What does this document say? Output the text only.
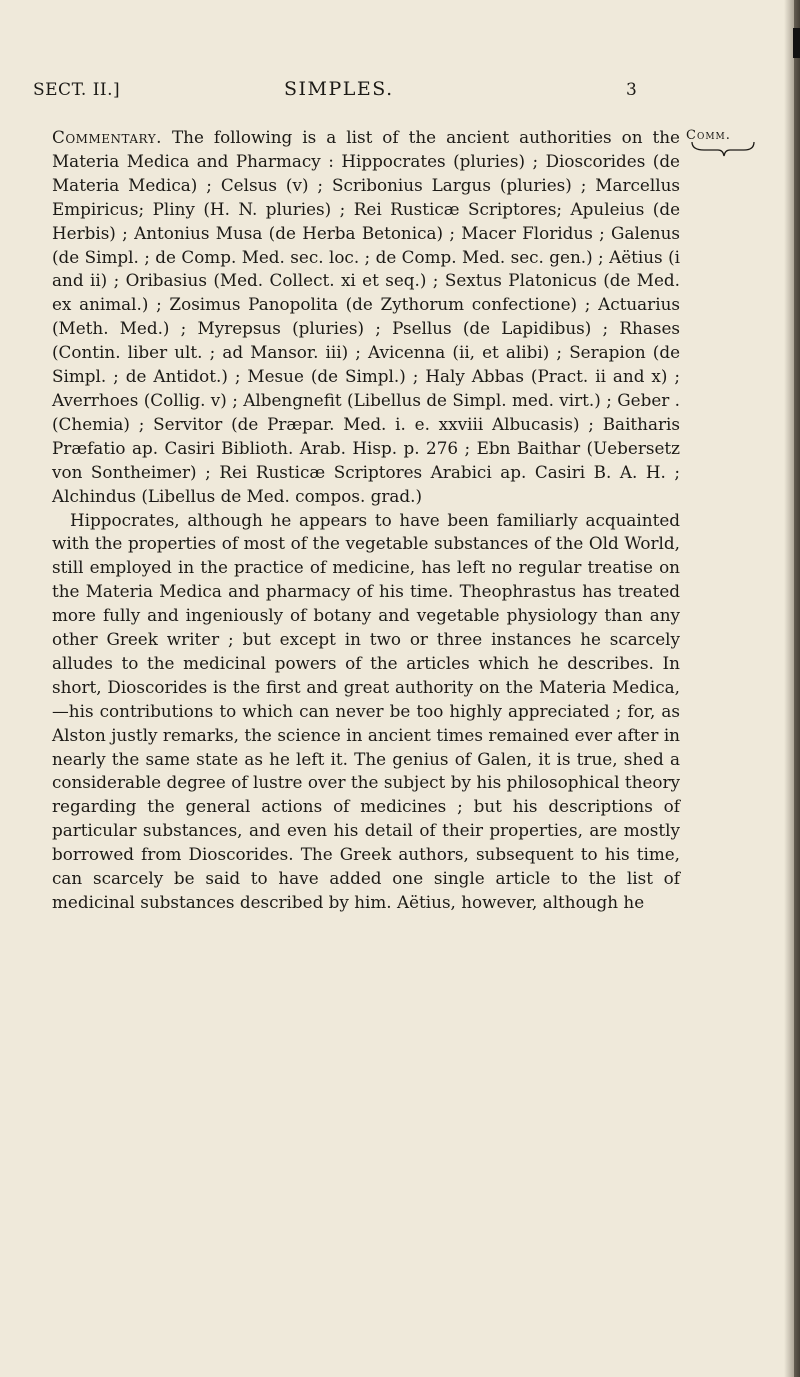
SECT. II.]	SIMPLES.	3
Comm.

Commentary. The following is a list of the ancient authorities on the Materia Medica and Pharmacy : Hippocrates (pluries) ; Dioscorides (de Materia Medica) ; Celsus (v) ; Scribonius Largus (pluries) ; Marcellus Empiricus; Pliny (H. N. pluries) ; Rei Rusticæ Scriptores; Apuleius (de Herbis) ; Antonius Musa (de Herba Betonica) ; Macer Floridus ; Galenus (de Simpl. ; de Comp. Med. sec. loc. ; de Comp. Med. sec. gen.) ; Aëtius (i and ii) ; Oribasius (Med. Collect. xi et seq.) ; Sextus Platonicus (de Med. ex animal.) ; Zosimus Panopolita (de Zythorum confectione) ; Actuarius (Meth. Med.) ; Myrepsus (pluries) ; Psellus (de Lapidibus) ; Rhases (Contin. liber ult. ; ad Mansor. iii) ; Avicenna (ii, et alibi) ; Serapion (de Simpl. ; de Antidot.) ; Mesue (de Simpl.) ; Haly Abbas (Pract. ii and x) ; Averrhoes (Collig. v) ; Albengnefit (Libellus de Simpl. med. virt.) ; Geber . (Chemia) ; Servitor (de Præpar. Med. i. e. xxviii Albucasis) ; Baitharis Præfatio ap. Casiri Biblioth. Arab. Hisp. p. 276 ; Ebn Baithar (Uebersetz von Sontheimer) ; Rei Rusticæ Scriptores Arabici ap. Casiri B. A. H. ; Alchindus (Libellus de Med. compos. grad.)

Hippocrates, although he appears to have been familiarly acquainted with the properties of most of the vegetable substances of the Old World, still employed in the practice of medicine, has left no regular treatise on the Materia Medica and pharmacy of his time. Theophrastus has treated more fully and ingeniously of botany and vegetable physiology than any other Greek writer ; but except in two or three instances he scarcely alludes to the medicinal powers of the articles which he describes. In short, Dioscorides is the first and great authority on the Materia Medica,—his contributions to which can never be too highly appreciated ; for, as Alston justly remarks, the science in ancient times remained ever after in nearly the same state as he left it. The genius of Galen, it is true, shed a considerable degree of lustre over the subject by his philosophical theory regarding the general actions of medicines ; but his descriptions of particular substances, and even his detail of their properties, are mostly borrowed from Dioscorides. The Greek authors, subsequent to his time, can scarcely be said to have added one single article to the list of medicinal substances described by him. Aëtius, however, although he
